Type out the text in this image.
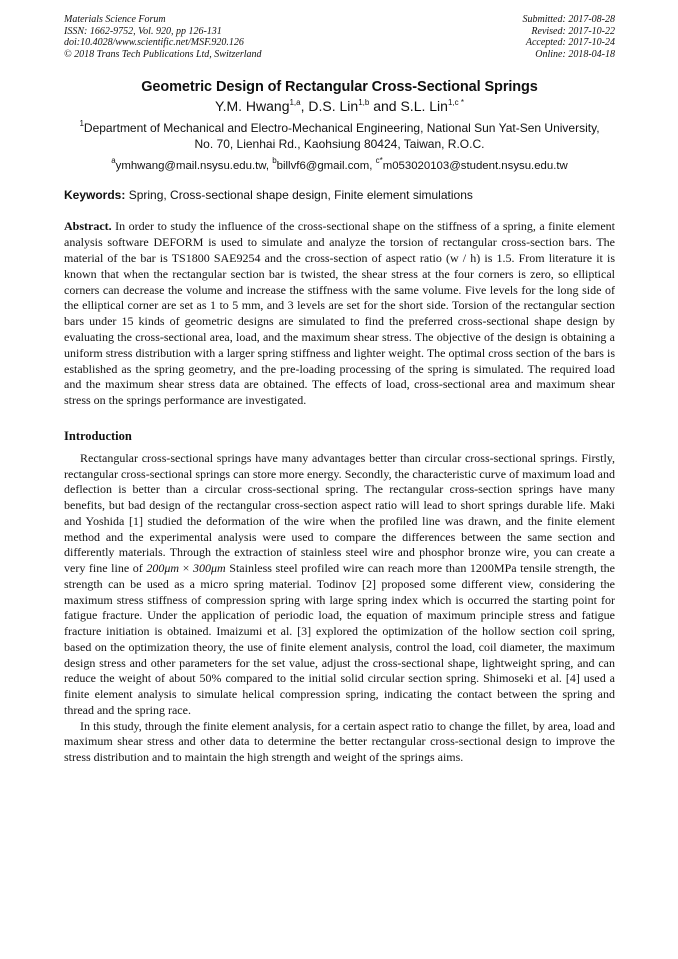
Materials Science Forum
ISSN: 1662-9752, Vol. 920, pp 126-131
doi:10.4028/www.scientific.net/MSF.920.126
© 2018 Trans Tech Publications Ltd, Switzerland
Submitted: 2017-08-28
Revised: 2017-10-22
Accepted: 2017-10-24
Online: 2018-04-18
Geometric Design of Rectangular Cross-Sectional Springs
Y.M. Hwang$^{1,a}$, D.S. Lin$^{1,b}$ and S.L. Lin$^{1,c *}$
$^1$Department of Mechanical and Electro-Mechanical Engineering, National Sun Yat-Sen University,
No. 70, Lienhai Rd., Kaohsiung 80424, Taiwan, R.O.C.
$^a$ymhwang@mail.nsysu.edu.tw, $^b$billvf6@gmail.com, $^{c*}$m053020103@student.nsysu.edu.tw
Keywords: Spring, Cross-sectional shape design, Finite element simulations

Abstract. In order to study the influence of the cross-sectional shape on the stiffness of a spring, a finite element analysis software DEFORM is used to simulate and analyze the torsion of rectangular cross-section bars. The material of the bar is TS1800 SAE9254 and the cross-section of aspect ratio (w / h) is 1.5. From literature it is known that when the rectangular section bar is twisted, the shear stress at the four corners is zero, so elliptical corners can decrease the volume and increase the stiffness with the same volume. Five levels for the long side of the elliptical corner are set as 1 to 5 mm, and 3 levels are set for the short side. Torsion of the rectangular section bars under 15 kinds of geometric designs are simulated to find the preferred cross-sectional shape design by evaluating the cross-sectional area, load, and the maximum shear stress. The objective of the design is obtaining a uniform stress distribution with a larger spring stiffness and lighter weight. The optimal cross section of the bars is established as the spring geometry, and the pre-loading processing of the spring is simulated. The required load and the maximum shear stress data are obtained. The effects of load, cross-sectional area and maximum shear stress on the springs performance are investigated.

Introduction

Rectangular cross-sectional springs have many advantages better than circular cross-sectional springs. Firstly, rectangular cross-sectional springs can store more energy. Secondly, the characteristic curve of maximum load and deflection is better than a circular cross-sectional spring. The rectangular cross-section springs have many benefits, but bad design of the rectangular cross-section aspect ratio will lead to short springs durable life. Maki and Yoshida [1] studied the deformation of the wire when the profiled line was drawn, and the finite element method and the experimental analysis were used to compare the differences between the same section and differently materials. Through the extraction of stainless steel wire and phosphor bronze wire, you can create a very fine line of 200μm × 300μm Stainless steel profiled wire can reach more than 1200MPa tensile strength, the strength can be used as a micro spring material. Todinov [2] proposed some different view, considering the maximum stress stiffness of compression spring with large spring index which is occurred the starting point for fatigue fracture. Under the application of periodic load, the equation of maximum principle stress and fatigue fracture initiation is obtained. Imaizumi et al. [3] explored the optimization of the hollow section coil spring, based on the optimization theory, the use of finite element analysis, control the load, coil diameter, the maximum design stress and other parameters for the set value, adjust the cross-sectional shape, lightweight spring, and can reduce the weight of about 50% compared to the initial solid circular section spring. Shimoseki et al. [4] used a finite element analysis to simulate helical compression spring, indicating the contact between the spring and thread and the spring race.

In this study, through the finite element analysis, for a certain aspect ratio to change the fillet, by area, load and maximum shear stress and other data to determine the better rectangular cross-sectional design to improve the stress distribution and to maintain the high strength and weight of the springs aims.
